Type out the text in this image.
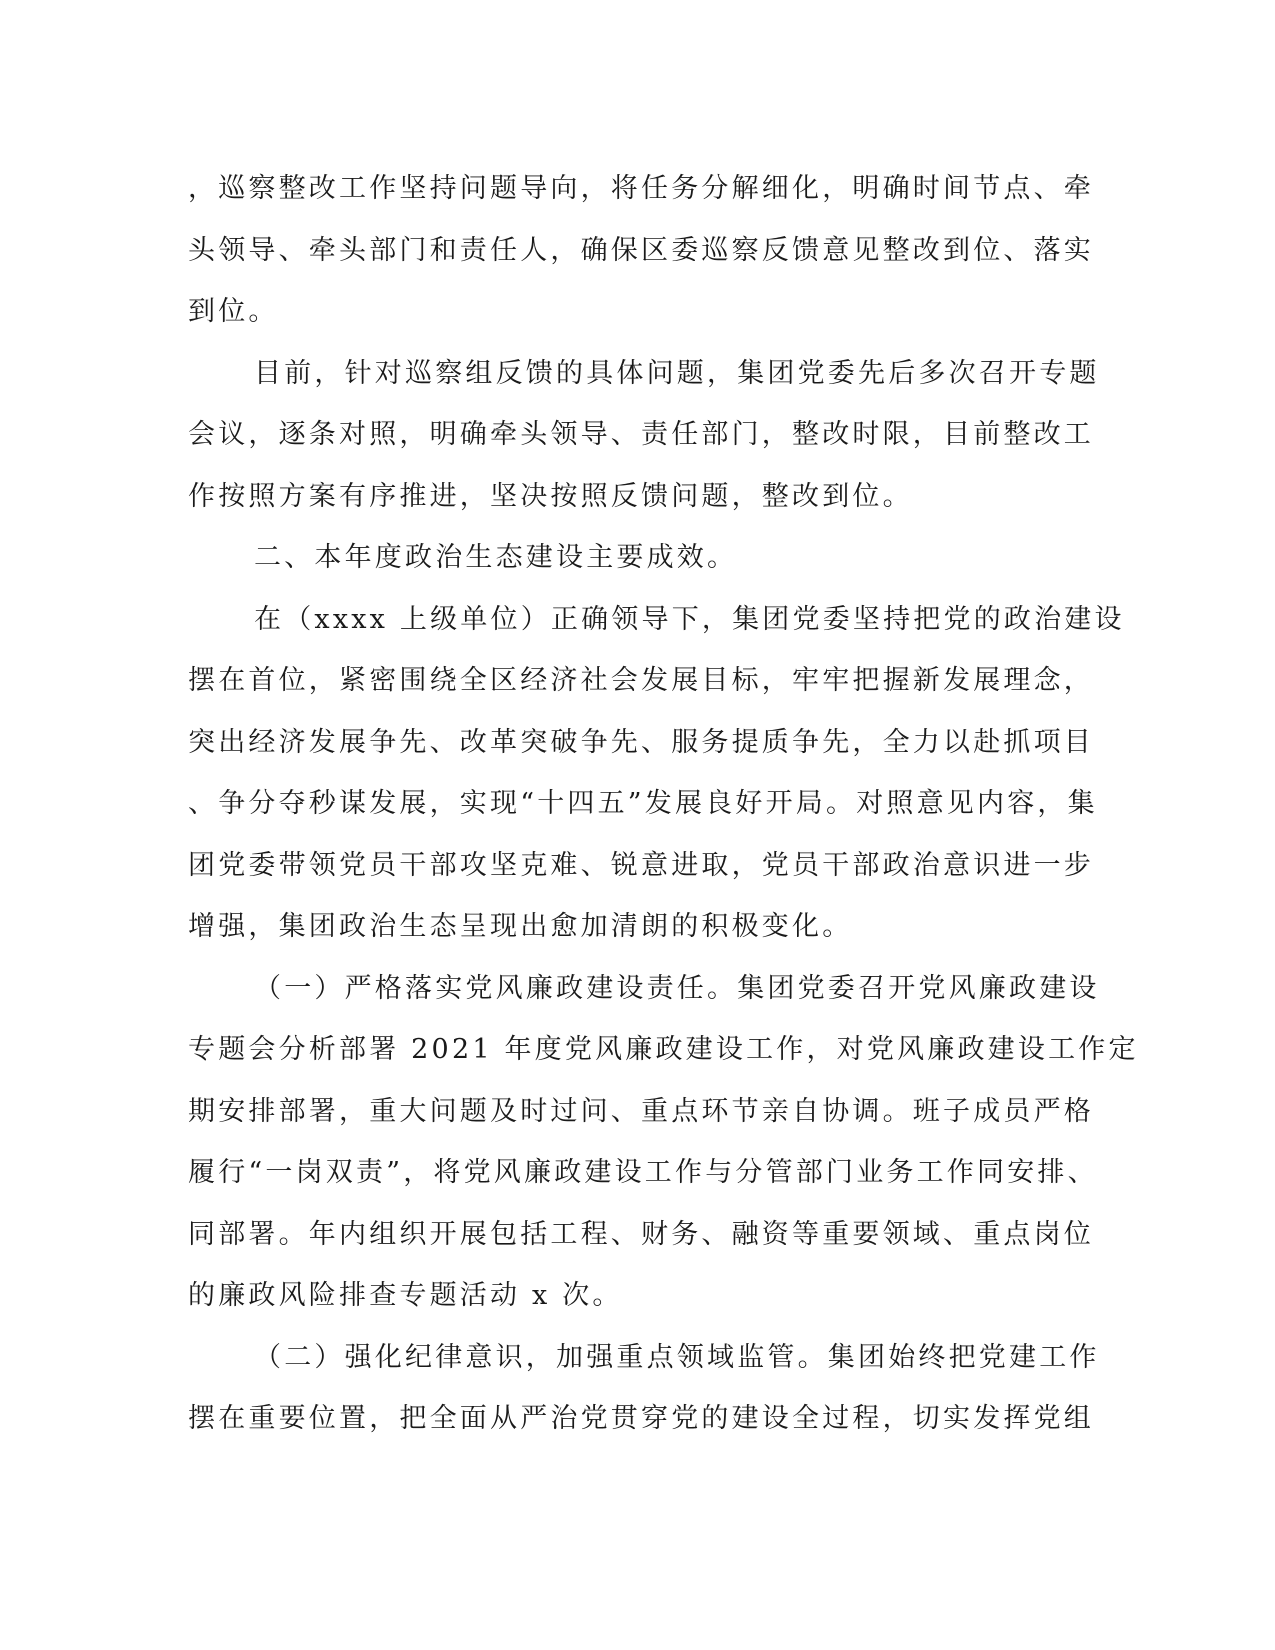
，巡察整改工作坚持问题导向，将任务分解细化，明确时间节点、牵
头领导、牵头部门和责任人，确保区委巡察反馈意见整改到位、落实
到位。

目前，针对巡察组反馈的具体问题，集团党委先后多次召开专题
会议，逐条对照，明确牵头领导、责任部门，整改时限，目前整改工
作按照方案有序推进，坚决按照反馈问题，整改到位。

二、本年度政治生态建设主要成效。

在（xxxx 上级单位）正确领导下，集团党委坚持把党的政治建设
摆在首位，紧密围绕全区经济社会发展目标，牢牢把握新发展理念，
突出经济发展争先、改革突破争先、服务提质争先，全力以赴抓项目
、争分夺秒谋发展，实现“十四五”发展良好开局。对照意见内容，集
团党委带领党员干部攻坚克难、锐意进取，党员干部政治意识进一步
增强，集团政治生态呈现出愈加清朗的积极变化。

（一）严格落实党风廉政建设责任。集团党委召开党风廉政建设
专题会分析部署 2021 年度党风廉政建设工作，对党风廉政建设工作定
期安排部署，重大问题及时过问、重点环节亲自协调。班子成员严格
履行“一岗双责”，将党风廉政建设工作与分管部门业务工作同安排、
同部署。年内组织开展包括工程、财务、融资等重要领域、重点岗位
的廉政风险排查专题活动 x 次。

（二）强化纪律意识，加强重点领域监管。集团始终把党建工作
摆在重要位置，把全面从严治党贯穿党的建设全过程，切实发挥党组
